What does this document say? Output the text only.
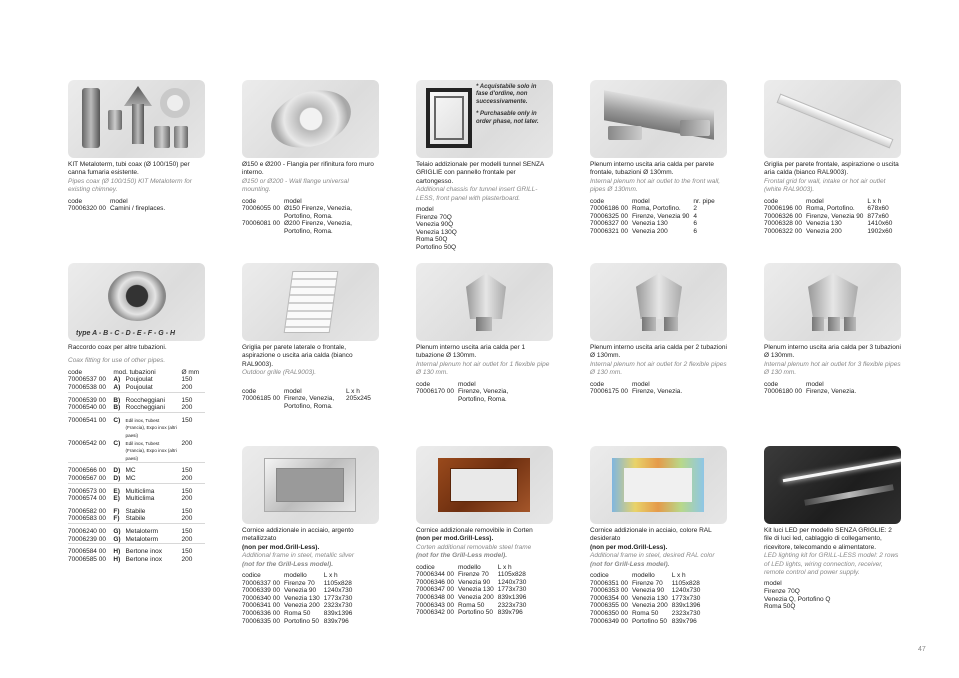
KIT Metaloterm, tubi coax (Ø 100/150) per canna fumaria esistente.
Pipes coax (Ø 100/150) KIT Metaloterm for existing chimney.
code	model
70006320 00	Camini / fireplaces.
Ø150 e Ø200 - Flangia per rifinitura foro muro interno.
Ø150 or Ø200 - Wall flange universal mounting.
code	model
70006055 00	Ø150 Firenze, Venezia, Portofino, Roma.
70006081 00	Ø200 Firenze, Venezia, Portofino, Roma.
* Acquistabile solo in fase d'ordine, non successivamente.
* Purchasable only in order phase, not later.
Telaio addizionale per modelli tunnel SENZA GRIGLIE con pannello frontale per cartongesso.
Additional chassis for tunnel insert GRILL-LESS, front panel with plasterboard.
model
Firenze 70Q
Venezia 90Q
Venezia 130Q
Roma 50Q
Portofino 50Q
Plenum interno uscita aria calda per parete frontale, tubazioni Ø 130mm.
Internal plenum hot air outlet to the front wall, pipes Ø 130mm.
code	model	nr. pipe
70006186 00	Roma, Portofino.	2
70006325 00	Firenze, Venezia 90	4
70006327 00	Venezia 130	6
70006321 00	Venezia 200	6
Griglia per parete frontale, aspirazione o uscita aria calda (bianco RAL9003).
Frontal grid for wall, intake or hot air outlet (white RAL9003).
code	model	L x h
70006196 00	Roma, Portofino.	678x60
70006326 00	Firenze, Venezia 90	877x60
70006328 00	Venezia 130	1410x60
70006322 00	Venezia 200	1902x60
type A - B - C - D - E - F - G - H
Raccordo coax per altre tubazioni.
Coax fitting for use of other pipes.
code	mod. tubazioni		Ø mm
70006537 00	A)	Poujoulat	150
70006538 00	A)	Poujoulat	200
70006539 00	B)	Roccheggiani	150
70006540 00	B)	Roccheggiani	200
70006541 00	C)	Edil inox, Tubest (Francia), Expo inox (altri paesi)	150
70006542 00	C)	Edil inox, Tubest (Francia), Expo inox (altri paesi)	200
70006566 00	D)	MC	150
70006567 00	D)	MC	200
70006573 00	E)	Multiclima	150
70006574 00	E)	Multiclima	200
70006582 00	F)	Stabile	150
70006583 00	F)	Stabile	200
70006240 00	G)	Metaloterm	150
70006239 00	G)	Metaloterm	200
70006584 00	H)	Bertone inox	150
70006585 00	H)	Bertone inox	200
Griglia per parete laterale o frontale, aspirazione o uscita aria calda (bianco RAL9003).
Outdoor grille (RAL9003).
code	model	L x h
70006185 00	Firenze, Venezia, Portofino, Roma.	205x245
Plenum interno uscita aria calda per 1 tubazione Ø 130mm.
Internal plenum hot air outlet for 1 flexible pipe Ø 130 mm.
code	model
70006170 00	Firenze, Venezia, Portofino, Roma.
Plenum interno uscita aria calda per 2 tubazioni Ø 130mm.
Internal plenum hot air outlet for 2 flexible pipes Ø 130 mm.
code	model
70006175 00	Firenze, Venezia.
Plenum interno uscita aria calda per 3 tubazioni Ø 130mm.
Internal plenum hot air outlet for 3 flexible pipes Ø 130 mm.
code	model
70006180 00	Firenze, Venezia.
Cornice addizionale in acciaio, argento metallizzato
(non per mod.Grill-Less).
Additional frame in steel, metallic silver
(not for the Grill-Less model).
codice	modello	L x h
70006337 00	Firenze 70	1105x828
70006339 00	Venezia 90	1240x730
70006340 00	Venezia 130	1773x730
70006341 00	Venezia 200	2323x730
70006336 00	Roma 50	839x1396
70006335 00	Portofino 50	839x796
Cornice addizionale removibile in Corten
(non per mod.Grill-Less).
Corten additional removable steel frame
(not for the Grill-Less model).
codice	modello	L x h
70006344 00	Firenze 70	1105x828
70006346 00	Venezia 90	1240x730
70006347 00	Venezia 130	1773x730
70006348 00	Venezia 200	839x1396
70006343 00	Roma 50	2323x730
70006342 00	Portofino 50	839x796
Cornice addizionale in acciaio, colore RAL desiderato
(non per mod.Grill-Less).
Additional frame in steel, desired RAL color
(not for Grill-Less model).
codice	modello	L x h
70006351 00	Firenze 70	1105x828
70006353 00	Venezia 90	1240x730
70006354 00	Venezia 130	1773x730
70006355 00	Venezia 200	839x1396
70006350 00	Roma 50	2323x730
70006349 00	Portofino 50	839x796
Kit luci LED per modello SENZA GRIGLIE: 2 file di luci led, cablaggio di collegamento, ricevitore, telecomando e alimentatore.
LED lighting kit for GRILL-LESS model: 2 rows of LED lights, wiring connection, receiver, remote control and power supply.
model
Firenze 70Q
Venezia Q, Portofino Q
Roma 50Q
47
